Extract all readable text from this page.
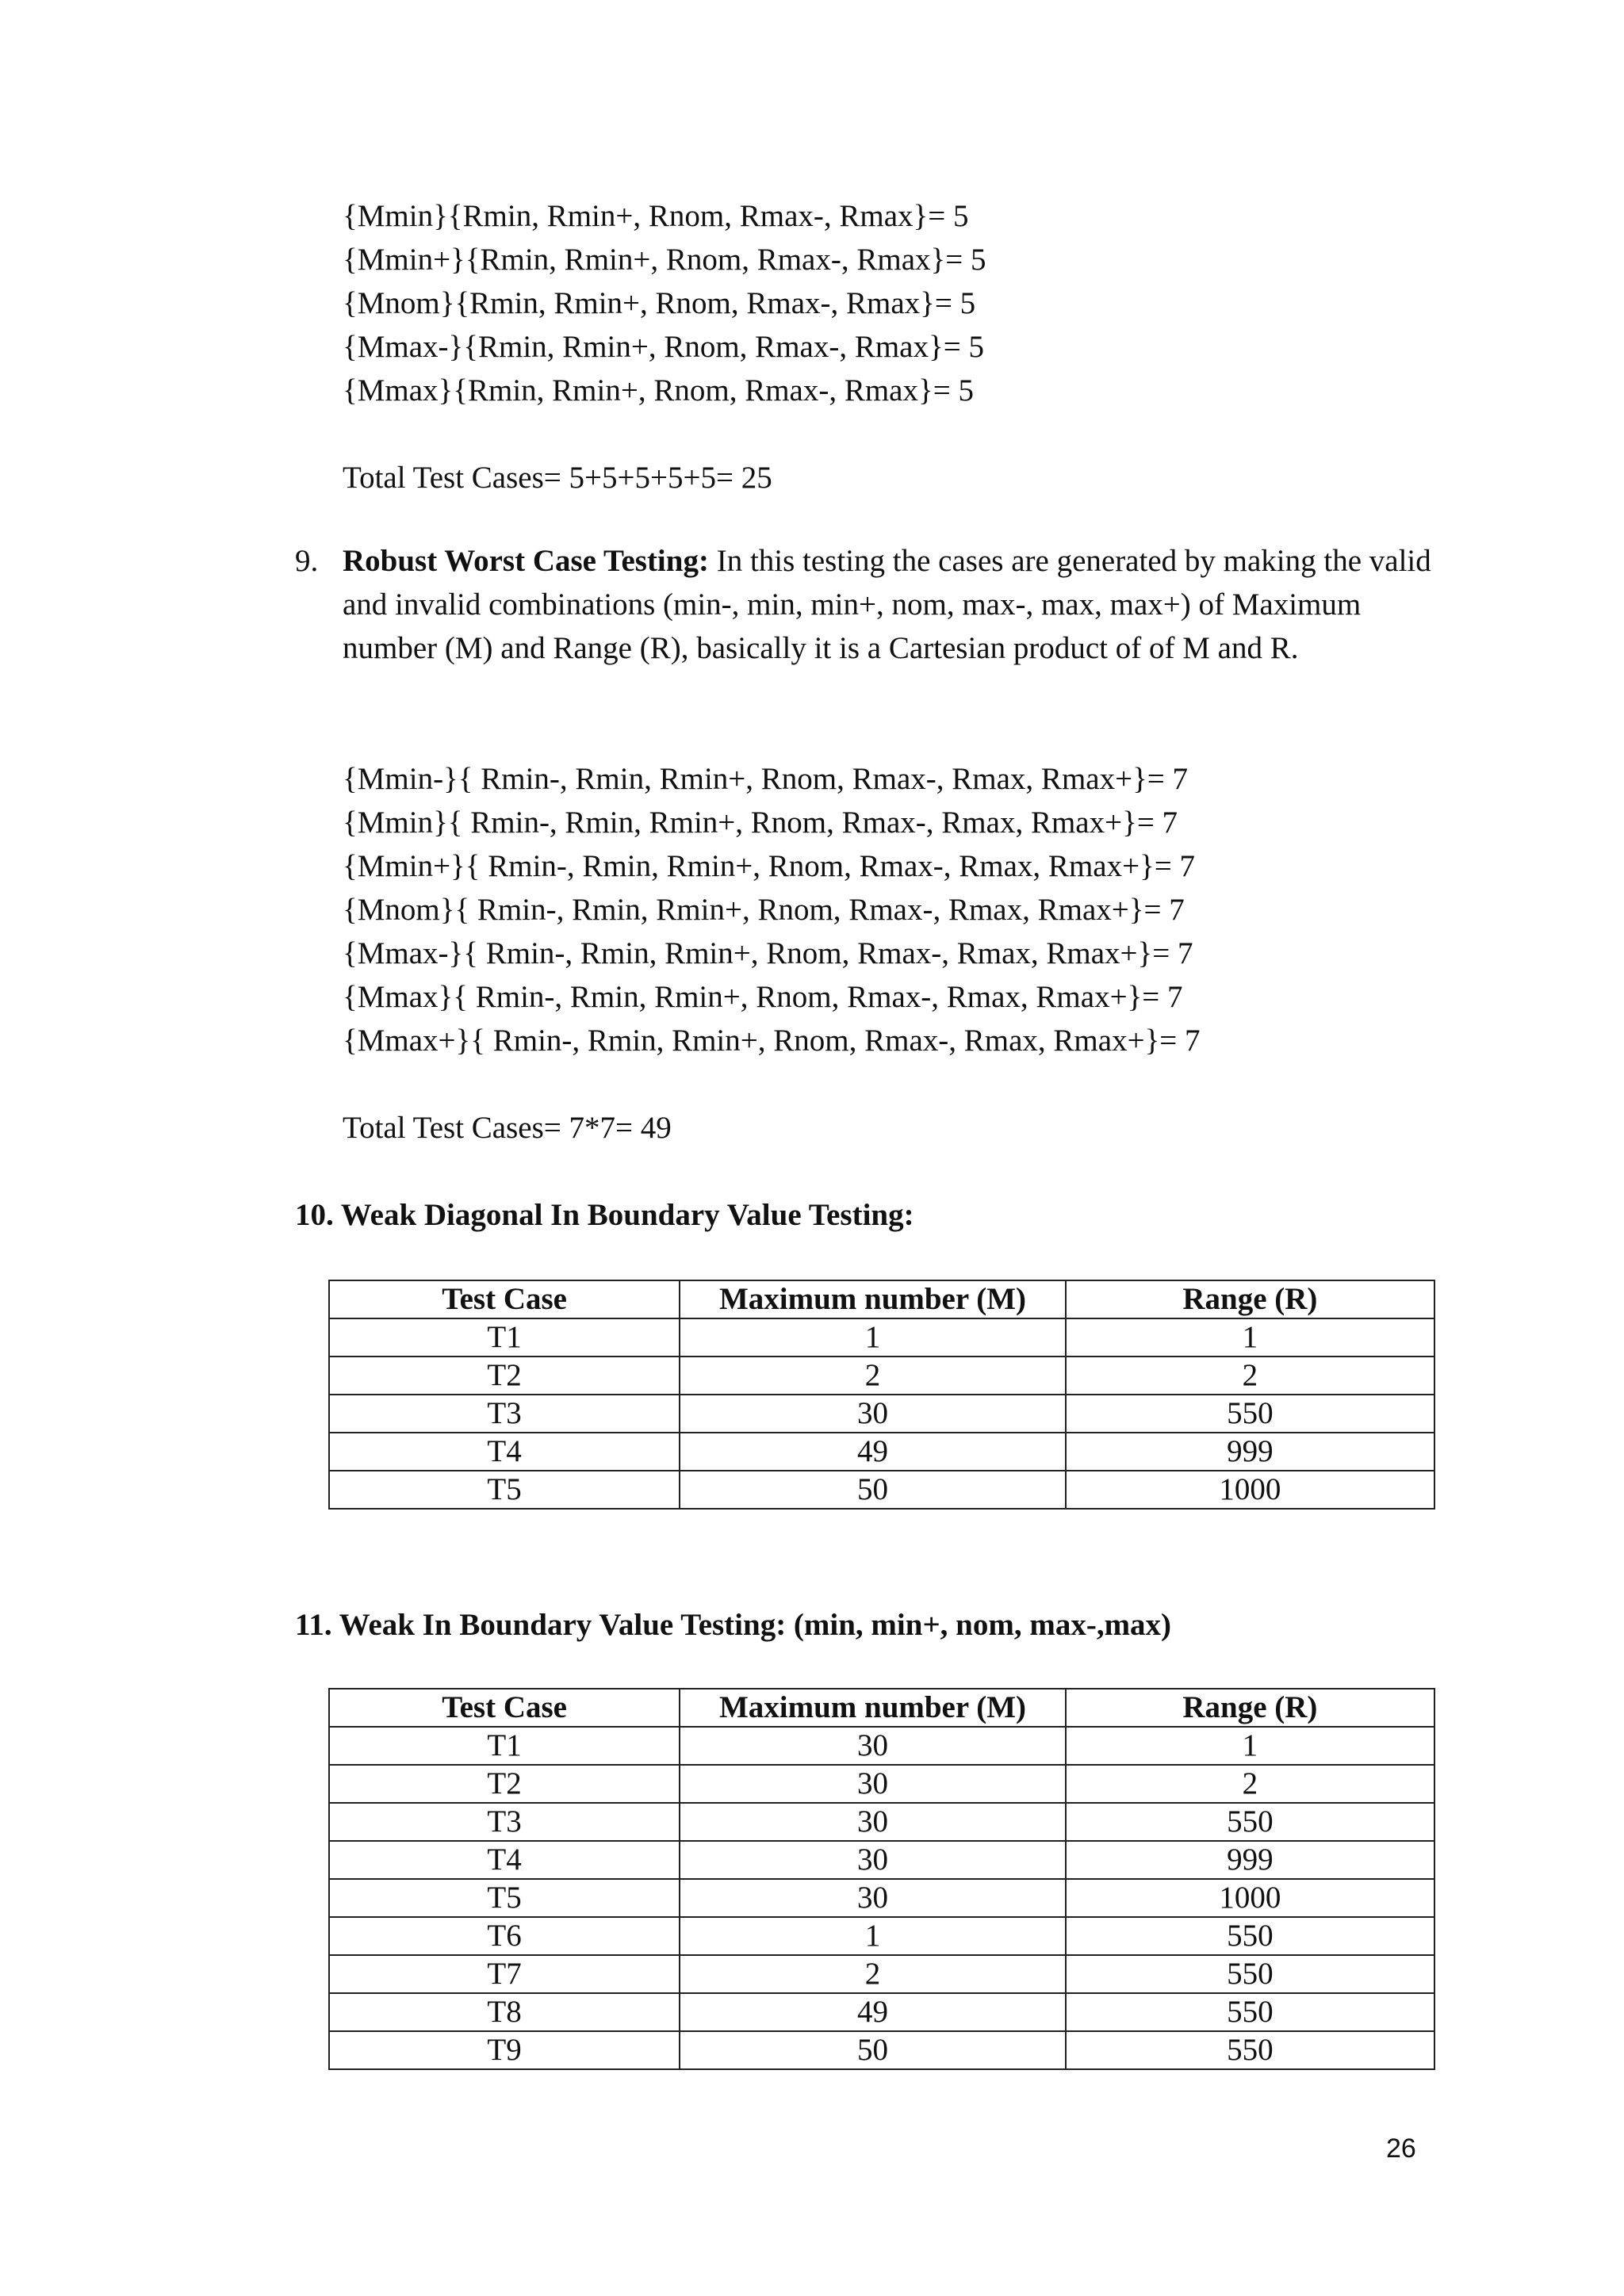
{Mmin}{Rmin, Rmin+, Rnom, Rmax-, Rmax}= 5
{Mmin+}{Rmin, Rmin+, Rnom, Rmax-, Rmax}= 5
{Mnom}{Rmin, Rmin+, Rnom, Rmax-, Rmax}= 5
{Mmax-}{Rmin, Rmin+, Rnom, Rmax-, Rmax}= 5
{Mmax}{Rmin, Rmin+, Rnom, Rmax-, Rmax}= 5
Total Test Cases= 5+5+5+5+5= 25
9. Robust Worst Case Testing: In this testing the cases are generated by making the valid and invalid combinations (min-, min, min+, nom, max-, max, max+) of Maximum number (M) and Range (R), basically it is a Cartesian product of of M and R.
{Mmin-}{ Rmin-, Rmin, Rmin+, Rnom, Rmax-, Rmax, Rmax+}= 7
{Mmin}{ Rmin-, Rmin, Rmin+, Rnom, Rmax-, Rmax, Rmax+}= 7
{Mmin+}{ Rmin-, Rmin, Rmin+, Rnom, Rmax-, Rmax, Rmax+}= 7
{Mnom}{ Rmin-, Rmin, Rmin+, Rnom, Rmax-, Rmax, Rmax+}= 7
{Mmax-}{ Rmin-, Rmin, Rmin+, Rnom, Rmax-, Rmax, Rmax+}= 7
{Mmax}{ Rmin-, Rmin, Rmin+, Rnom, Rmax-, Rmax, Rmax+}= 7
{Mmax+}{ Rmin-, Rmin, Rmin+, Rnom, Rmax-, Rmax, Rmax+}= 7
Total Test Cases= 7*7= 49
10. Weak Diagonal In Boundary Value Testing:
Test Case	Maximum number (M)	Range (R)
T1	1	1
T2	2	2
T3	30	550
T4	49	999
T5	50	1000
11. Weak In Boundary Value Testing: (min, min+, nom, max-,max)
Test Case	Maximum number (M)	Range (R)
T1	30	1
T2	30	2
T3	30	550
T4	30	999
T5	30	1000
T6	1	550
T7	2	550
T8	49	550
T9	50	550
26
